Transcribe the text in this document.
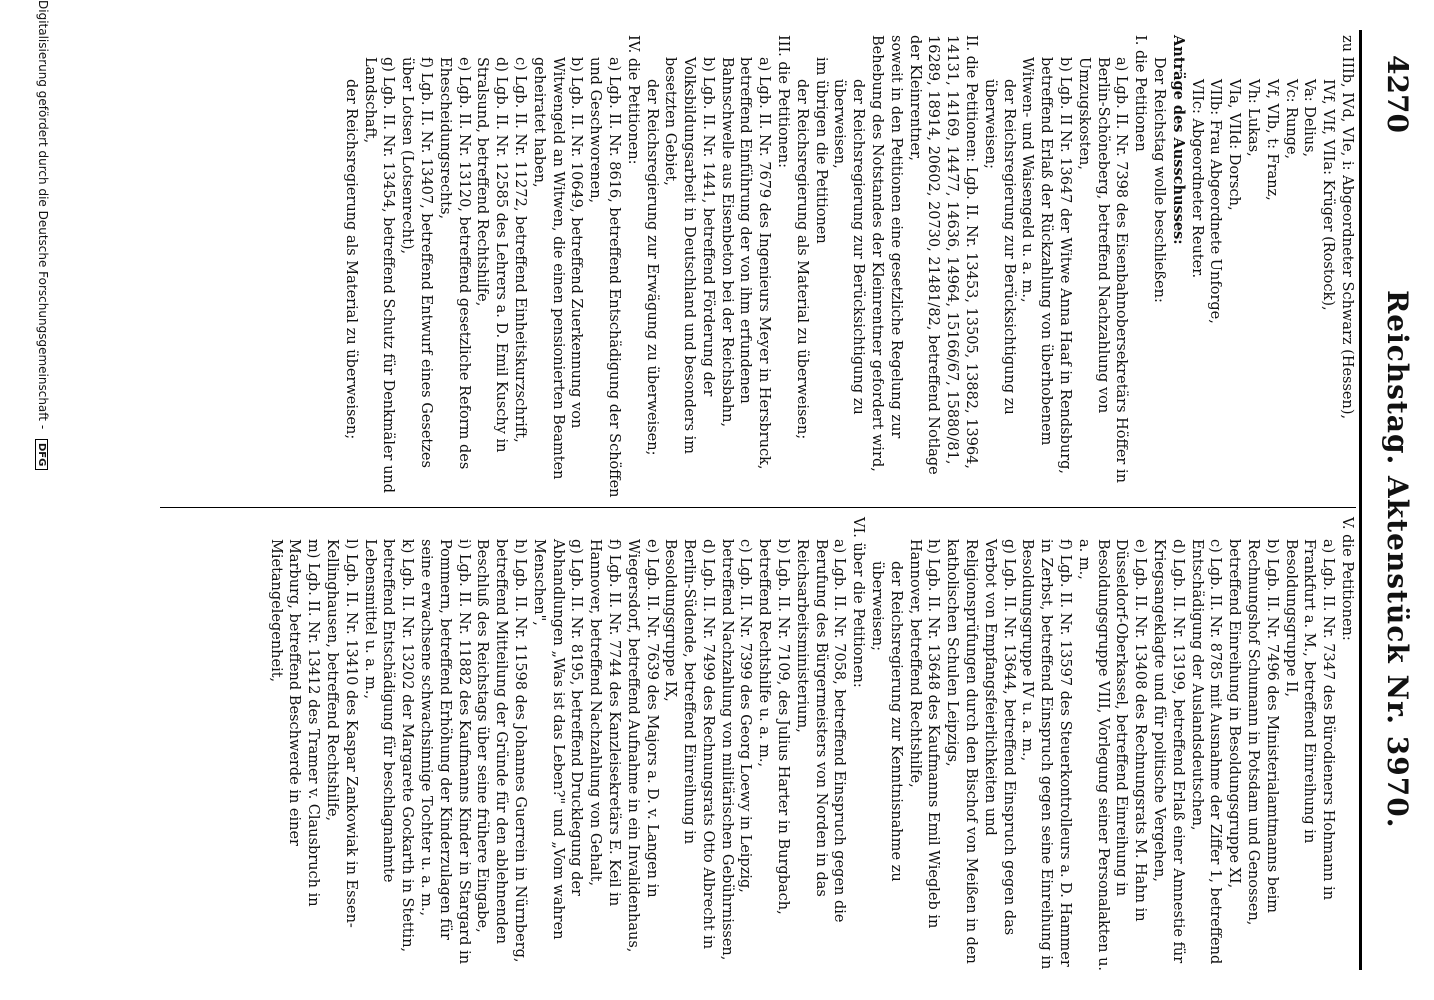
4270
Reichstag. Aktenstück Nr. 3970.

zu IIIb, IVd, VIe, i: Abgeordneter Schwarz (Hessen),

IVf, VIf, VIIa: Krüger (Rostock),

Va: Delius,

Vc: Runge,

Vf, VIb, t: Franz,

Vh: Lukas,

VIa, VIId: Dorsch,

VIIb: Frau Abgeordnete Unforge,

VIIc: Abgeordneter Reuter.

Anträge des Ausschusses:

Der Reichstag wolle beschließen:

I. die Petitionen

a) Lgb. II. Nr. 7398 des Eisenbahnobersekretärs Höffer in Berlin-Schöneberg, betreffend Nachzahlung von Umzugskosten,

b) Lgb. II Nr. 13647 der Witwe Anna Haaf in Rendsburg, betreffend Erlaß der Rückzahlung von überhobenem Witwen- und Waisengeld u. a. m.,

der Reichsregierung zur Berücksichtigung zu überweisen;

II. die Petitionen: Lgb. II. Nr. 13453, 13505, 13882, 13964, 14131, 14169, 14477, 14636, 14964, 15166/67, 15880/81, 16289, 18914, 20602, 20730, 21481/82, betreffend Notlage der Kleinrentner,

soweit in den Petitionen eine gesetzliche Regelung zur Behebung des Notstandes der Kleinrentner gefordert wird,

der Reichsregierung zur Berücksichtigung zu überweisen,

im übrigen die Petitionen

der Reichsregierung als Material zu überweisen;

III. die Petitionen:

a) Lgb. II. Nr. 7679 des Ingenieurs Meyer in Hersbruck, betreffend Einführung der von ihm erfundenen Bahnschwelle aus Eisenbeton bei der Reichsbahn,

b) Lgb. II. Nr. 1441, betreffend Förderung der Volksbildungsarbeit in Deutschland und besonders im besetzten Gebiet,

der Reichsregierung zur Erwägung zu überweisen;

IV. die Petitionen:

a) Lgb. II. Nr. 8616, betreffend Entschädigung der Schöffen und Geschworenen,

b) Lgb. II. Nr. 10649, betreffend Zuerkennung von Witwengeld an Witwen, die einen pensionierten Beamten geheiratet haben,

c) Lgb. II. Nr. 11272, betreffend Einheitskurzschrift,

d) Lgb. II. Nr. 12585 des Lehrers a. D. Emil Kuschy in Stralsund, betreffend Rechtshilfe,

e) Lgb. II. Nr. 13120, betreffend gesetzliche Reform des Ehescheidungsrechts,

f) Lgb. II. Nr. 13407, betreffend Entwurf eines Gesetzes über Lotsen (Lotsenrecht),

g) Lgb. II. Nr. 13454, betreffend Schutz für Denkmäler und Landschaft,

der Reichsregierung als Material zu überweisen;

V. die Petitionen:

a) Lgb. II. Nr. 7347 des Bürodieners Hohmann in Frankfurt a. M., betreffend Einreihung in Besoldungsgruppe II,

b) Lgb. II. Nr. 7496 des Ministerialamtmanns beim Rechnungshof Schumann in Potsdam und Genossen, betreffend Einreihung in Besoldungsgruppe XI,

c) Lgb. II. Nr. 8785 mit Ausnahme der Ziffer 1, betreffend Entschädigung der Auslandsdeutschen,

d) Lgb. II. Nr. 13199, betreffend Erlaß einer Amnestie für Kriegsangeklagte und für politische Vergehen,

e) Lgb. II. Nr. 13408 des Rechnungsrats M. Hahn in Düsseldorf-Oberkassel, betreffend Einreihung in Besoldungsgruppe VIII, Vorlegung seiner Personalakten u. a. m.,

f) Lgb. II. Nr. 13597 des Steuerkontrolleurs a. D. Hammer in Zerbst, betreffend Einspruch gegen seine Einreihung in Besoldungsgruppe IV u. a. m.,

g) Lgb. II. Nr. 13644, betreffend Einspruch gegen das Verbot von Empfangsfeierlichkeiten und Religionsprüfungen durch den Bischof von Meißen in den katholischen Schulen Leipzigs,

h) Lgb. II. Nr. 13648 des Kaufmanns Emil Wiegleb in Hannover, betreffend Rechtshilfe,

der Reichsregierung zur Kenntnisnahme zu überweisen;

VI. über die Petitionen:

a) Lgb. II. Nr. 7058, betreffend Einspruch gegen die Berufung des Bürgermeisters von Norden in das Reichsarbeitsministerium,

b) Lgb. II. Nr. 7109, des Julius Harter in Burgbach, betreffend Rechtshilfe u. a. m.,

c) Lgb. II. Nr. 7399 des Georg Loewy in Leipzig, betreffend Nachzahlung von militärischen Gebührnissen,

d) Lgb. II. Nr. 7499 des Rechnungsrats Otto Albrecht in Berlin-Südende, betreffend Einreihung in Besoldungsgruppe IX,

e) Lgb. II. Nr. 7639 des Majors a. D. v. Langen in Wiegersdorf, betreffend Aufnahme in ein Invalidenhaus,

f) Lgb. II. Nr. 7744 des Kanzleisekretärs E. Keil in Hannover, betreffend Nachzahlung von Gehalt,

g) Lgb. II. Nr. 8195, betreffend Drucklegung der Abhandlungen „Was ist das Leben?" und „Vom wahren Menschen",

h) Lgb. II. Nr. 11598 des Johannes Guerrein in Nürnberg, betreffend Mitteilung der Gründe für den ablehnenden Beschluß des Reichstags über seine frühere Eingabe,

i) Lgb. II. Nr. 11882 des Kaufmanns Kinder in Stargard in Pommern, betreffend Erhöhung der Kinderzulagen für seine erwachsene schwachsinnige Tochter u. a. m.,

k) Lgb. II. Nr. 13202 der Margarete Gockarth in Stettin, betreffend Entschädigung für beschlagnahmte Lebensmittel u. a. m.,

l) Lgb. II. Nr. 13410 des Kaspar Zankowiak in Essen-Kellinghausen, betreffend Rechtshilfe,

m) Lgb. II. Nr. 13412 des Tramer v. Clausbruch in Marburg, betreffend Beschwerde in einer Mietangelegenheit,

Digitalisierung gefördert durch die Deutsche Forschungsgemeinschaft - DFG
